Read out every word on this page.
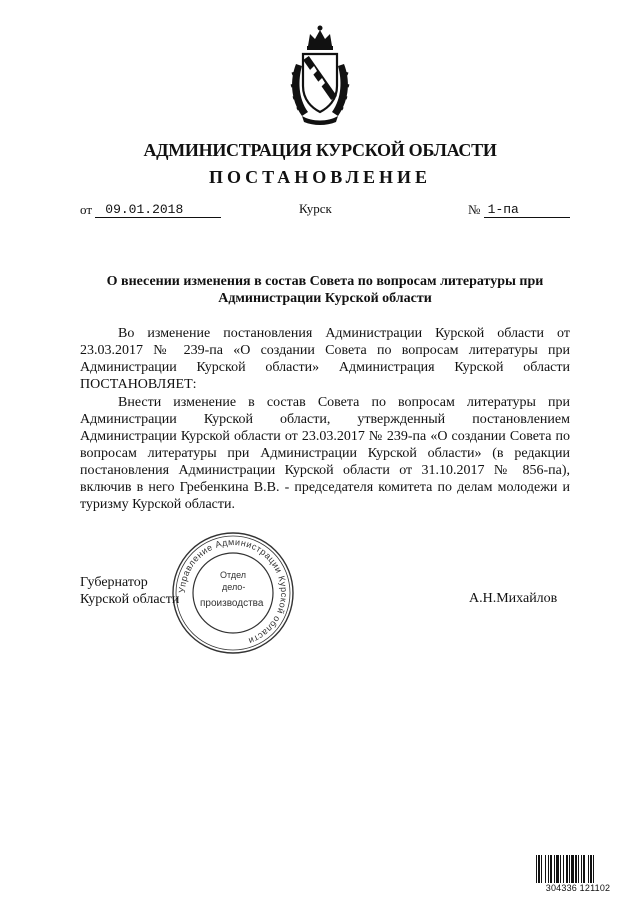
АДМИНИСТРАЦИЯ КУРСКОЙ ОБЛАСТИ
ПОСТАНОВЛЕНИЕ
от 09.01.2018	Курск	№ 1-па
О внесении изменения в состав Совета по вопросам литературы при Администрации Курской области
Во изменение постановления Администрации Курской области от 23.03.2017 № 239-па «О создании Совета по вопросам литературы при Администрации Курской области» Администрация Курской области ПОСТАНОВЛЯЕТ:
Внести изменение в состав Совета по вопросам литературы при Администрации Курской области, утвержденный постановлением Администрации Курской области от 23.03.2017 № 239-па «О создании Совета по вопросам литературы при Администрации Курской области» (в редакции постановления Администрации Курской области от 31.10.2017 № 856-па), включив в него Гребенкина В.В. - председателя комитета по делам молодежи и туризму Курской области.
Управление Администрации Курской области
Отдел
дело-
производства
Губернатор
Курской области	А.Н.Михайлов
304336 121102
